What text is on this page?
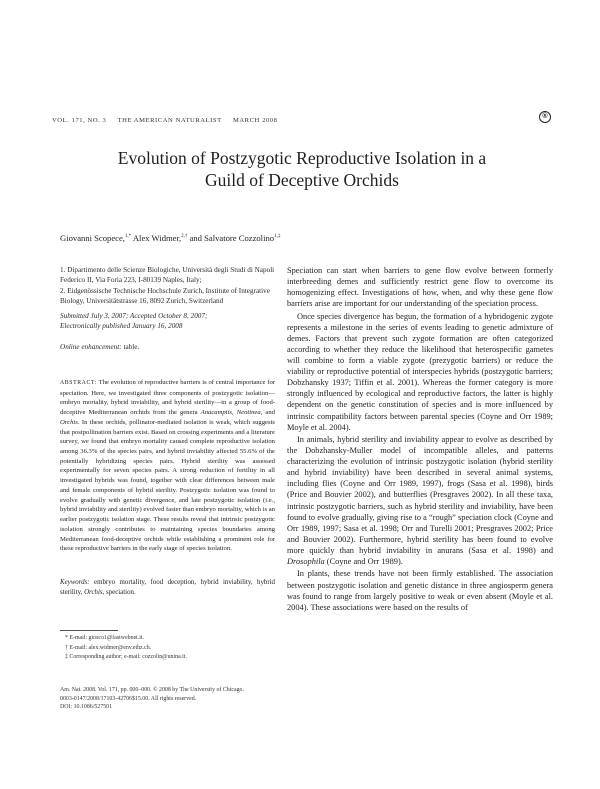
VOL. 171, NO. 3 THE AMERICAN NATURALIST MARCH 2008
®
Evolution of Postzygotic Reproductive Isolation in a
Guild of Deceptive Orchids
Giovanni Scopece,$^{1,*}$ Alex Widmer,$^{2,\dagger}$ and Salvatore Cozzolino$^{1,\ddagger}$

1. Dipartimento delle Scienze Biologiche, Università degli Studi di Napoli Federico II, Via Foria 223, I-80139 Naples, Italy;

2. Eidgenössische Technische Hochschule Zurich, Institute of Integrative Biology, Universitätstrasse 16, 8092 Zurich, Switzerland

Submitted July 3, 2007; Accepted October 8, 2007;
Electronically published January 16, 2008
Online enhancement: table.
ABSTRACT: The evolution of reproductive barriers is of central importance for speciation. Here, we investigated three components of postzygotic isolation—embryo mortality, hybrid inviability, and hybrid sterility—in a group of food-deceptive Mediterranean orchids from the genera Anacamptis, Neotinea, and Orchis. In these orchids, pollinator-mediated isolation is weak, which suggests that postpollination barriers exist. Based on crossing experiments and a literature survey, we found that embryo mortality caused complete reproductive isolation among 36.3% of the species pairs, and hybrid inviability affected 55.6% of the potentially hybridizing species pairs. Hybrid sterility was assessed experimentally for seven species pairs. A strong reduction of fertility in all investigated hybrids was found, together with clear differences between male and female components of hybrid sterility. Postzygotic isolation was found to evolve gradually with genetic divergence, and late postzygotic isolation (i.e., hybrid inviability and sterility) evolved faster than embryo mortality, which is an earlier postzygotic isolation stage. These results reveal that intrinsic postzygotic isolation strongly contributes to maintaining species boundaries among Mediterranean food-deceptive orchids while establishing a prominent role for these reproductive barriers in the early stage of species isolation.
Keywords: embryo mortality, food deception, hybrid inviability, hybrid sterility, Orchis, speciation.
* E-mail: giosco1@fastwebnet.it.
† E-mail: alex.widmer@env.ethz.ch.
‡ Corresponding author; e-mail: cozzolin@unina.it.
Am. Nat. 2008. Vol. 171, pp. 000–000. © 2008 by The University of Chicago.
0003-0147/2008/17103-42706$15.00. All rights reserved.
DOI: 10.1086/527501

Speciation can start when barriers to gene flow evolve between formerly interbreeding demes and sufficiently restrict gene flow to overcome its homogenizing effect. Investigations of how, when, and why these gene flow barriers arise are important for our understanding of the speciation process.

Once species divergence has begun, the formation of a hybridogenic zygote represents a milestone in the series of events leading to genetic admixture of demes. Factors that prevent such zygote formation are often categorized according to whether they reduce the likelihood that heterospecific gametes will combine to form a viable zygote (prezygotic barriers) or reduce the viability or reproductive potential of interspecies hybrids (postzygotic barriers; Dobzhansky 1937; Tiffin et al. 2001). Whereas the former category is more strongly influenced by ecological and reproductive factors, the latter is highly dependent on the genetic constitution of species and is more influenced by intrinsic compatibility factors between parental species (Coyne and Orr 1989; Moyle et al. 2004).

In animals, hybrid sterility and inviability appear to evolve as described by the Dobzhansky-Muller model of incompatible alleles, and patterns characterizing the evolution of intrinsic postzygotic isolation (hybrid sterility and hybrid inviability) have been described in several animal systems, including flies (Coyne and Orr 1989, 1997), frogs (Sasa et al. 1998), birds (Price and Bouvier 2002), and butterflies (Presgraves 2002). In all these taxa, intrinsic postzygotic barriers, such as hybrid sterility and inviability, have been found to evolve gradually, giving rise to a “rough” speciation clock (Coyne and Orr 1989, 1997; Sasa et al. 1998; Orr and Turelli 2001; Presgraves 2002; Price and Bouvier 2002). Furthermore, hybrid sterility has been found to evolve more quickly than hybrid inviability in anurans (Sasa et al. 1998) and Drosophila (Coyne and Orr 1989).

In plants, these trends have not been firmly established. The association between postzygotic isolation and genetic distance in three angiosperm genera was found to range from largely positive to weak or even absent (Moyle et al. 2004). These associations were based on the results of
